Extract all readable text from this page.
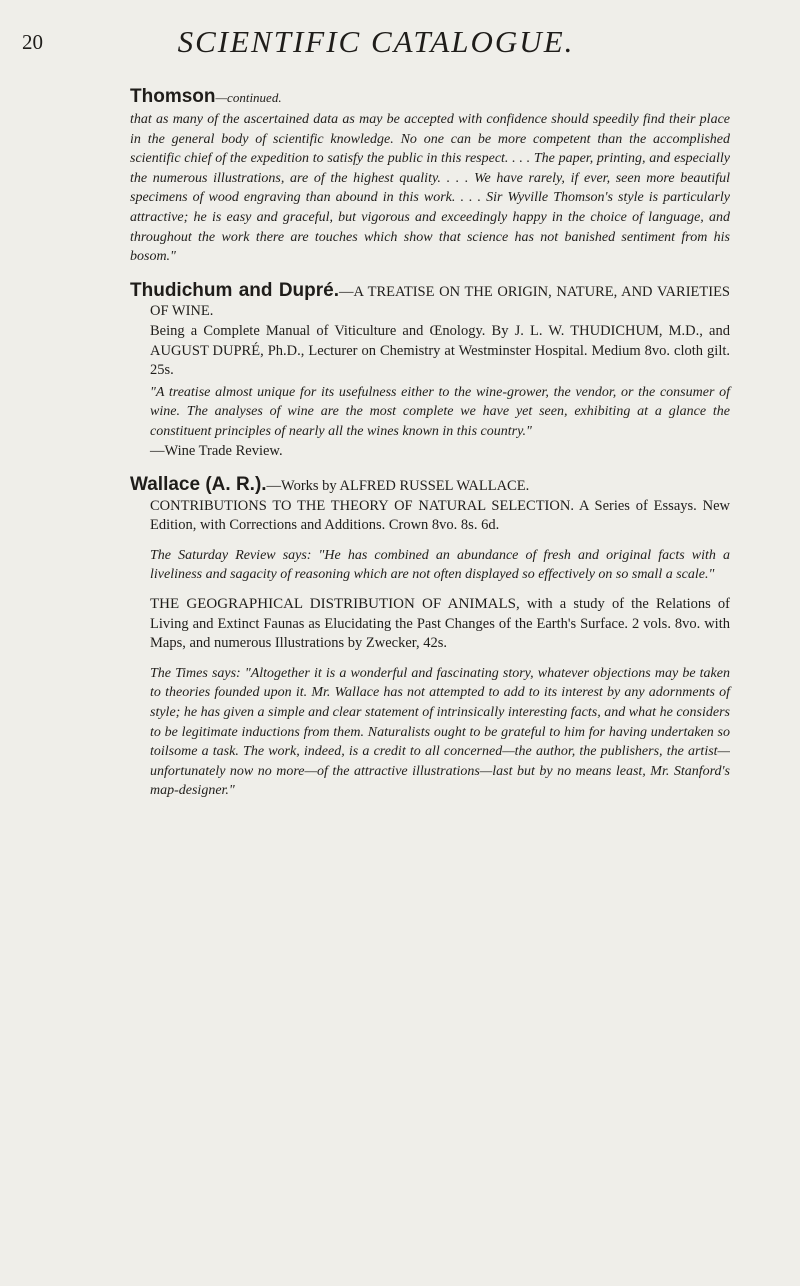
20	SCIENTIFIC CATALOGUE.
Thomson—continued.

that as many of the ascertained data as may be accepted with confidence should speedily find their place in the general body of scientific knowledge. No one can be more competent than the accomplished scientific chief of the expedition to satisfy the public in this respect. . . . The paper, printing, and especially the numerous illustrations, are of the highest quality. . . . We have rarely, if ever, seen more beautiful specimens of wood engraving than abound in this work. . . . Sir Wyville Thomson's style is particularly attractive; he is easy and graceful, but vigorous and exceedingly happy in the choice of language, and throughout the work there are touches which show that science has not banished sentiment from his bosom."

Thudichum and Dupré.—A TREATISE ON THE ORIGIN, NATURE, AND VARIETIES OF WINE.
Being a Complete Manual of Viticulture and Œnology. By J. L. W. THUDICHUM, M.D., and AUGUST DUPRÉ, Ph.D., Lecturer on Chemistry at Westminster Hospital. Medium 8vo. cloth gilt. 25s.
"A treatise almost unique for its usefulness either to the wine-grower, the vendor, or the consumer of wine. The analyses of wine are the most complete we have yet seen, exhibiting at a glance the constituent principles of nearly all the wines known in this country."
—Wine Trade Review.
Wallace (A. R.).—Works by ALFRED RUSSEL WALLACE.
CONTRIBUTIONS TO THE THEORY OF NATURAL SELECTION. A Series of Essays. New Edition, with Corrections and Additions. Crown 8vo. 8s. 6d.
The Saturday Review says: "He has combined an abundance of fresh and original facts with a liveliness and sagacity of reasoning which are not often displayed so effectively on so small a scale."
THE GEOGRAPHICAL DISTRIBUTION OF ANIMALS, with a study of the Relations of Living and Extinct Faunas as Elucidating the Past Changes of the Earth's Surface. 2 vols. 8vo. with Maps, and numerous Illustrations by Zwecker, 42s.
The Times says: "Altogether it is a wonderful and fascinating story, whatever objections may be taken to theories founded upon it. Mr. Wallace has not attempted to add to its interest by any adornments of style; he has given a simple and clear statement of intrinsically interesting facts, and what he considers to be legitimate inductions from them. Naturalists ought to be grateful to him for having undertaken so toilsome a task. The work, indeed, is a credit to all concerned—the author, the publishers, the artist—unfortunately now no more—of the attractive illustrations—last but by no means least, Mr. Stanford's map-designer."
